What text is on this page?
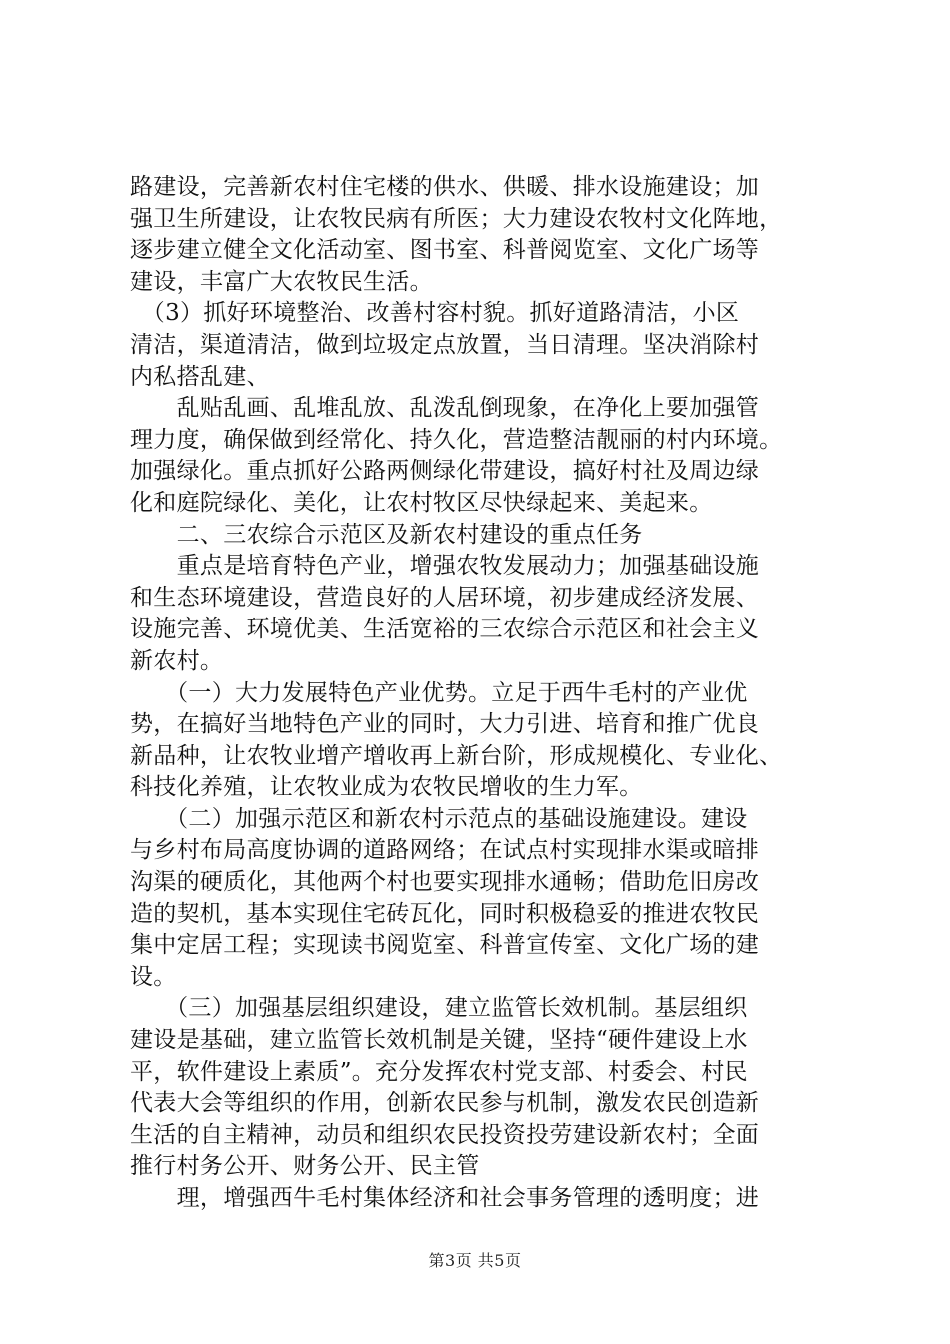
路建设，完善新农村住宅楼的供水、供暖、排水设施建设；加
强卫生所建设，让农牧民病有所医；大力建设农牧村文化阵地，
逐步建立健全文化活动室、图书室、科普阅览室、文化广场等
建设，丰富广大农牧民生活。
　（3）抓好环境整治、改善村容村貌。抓好道路清洁，小区
清洁，渠道清洁，做到垃圾定点放置，当日清理。坚决消除村
内私搭乱建、
　　乱贴乱画、乱堆乱放、乱泼乱倒现象，在净化上要加强管
理力度，确保做到经常化、持久化，营造整洁靓丽的村内环境。
加强绿化。重点抓好公路两侧绿化带建设，搞好村社及周边绿
化和庭院绿化、美化，让农村牧区尽快绿起来、美起来。
　　二、三农综合示范区及新农村建设的重点任务
　　重点是培育特色产业，增强农牧发展动力；加强基础设施
和生态环境建设，营造良好的人居环境，初步建成经济发展、
设施完善、环境优美、生活宽裕的三农综合示范区和社会主义
新农村。
　　（一）大力发展特色产业优势。立足于西牛毛村的产业优
势，在搞好当地特色产业的同时，大力引进、培育和推广优良
新品种，让农牧业增产增收再上新台阶，形成规模化、专业化、
科技化养殖，让农牧业成为农牧民增收的生力军。
　　（二）加强示范区和新农村示范点的基础设施建设。建设
与乡村布局高度协调的道路网络；在试点村实现排水渠或暗排
沟渠的硬质化，其他两个村也要实现排水通畅；借助危旧房改
造的契机，基本实现住宅砖瓦化，同时积极稳妥的推进农牧民
集中定居工程；实现读书阅览室、科普宣传室、文化广场的建
设。
　　（三）加强基层组织建设，建立监管长效机制。基层组织
建设是基础，建立监管长效机制是关键，坚持“硬件建设上水
平，软件建设上素质”。充分发挥农村党支部、村委会、村民
代表大会等组织的作用，创新农民参与机制，激发农民创造新
生活的自主精神，动员和组织农民投资投劳建设新农村；全面
推行村务公开、财务公开、民主管
　　理，增强西牛毛村集体经济和社会事务管理的透明度；进
第3页 共5页
